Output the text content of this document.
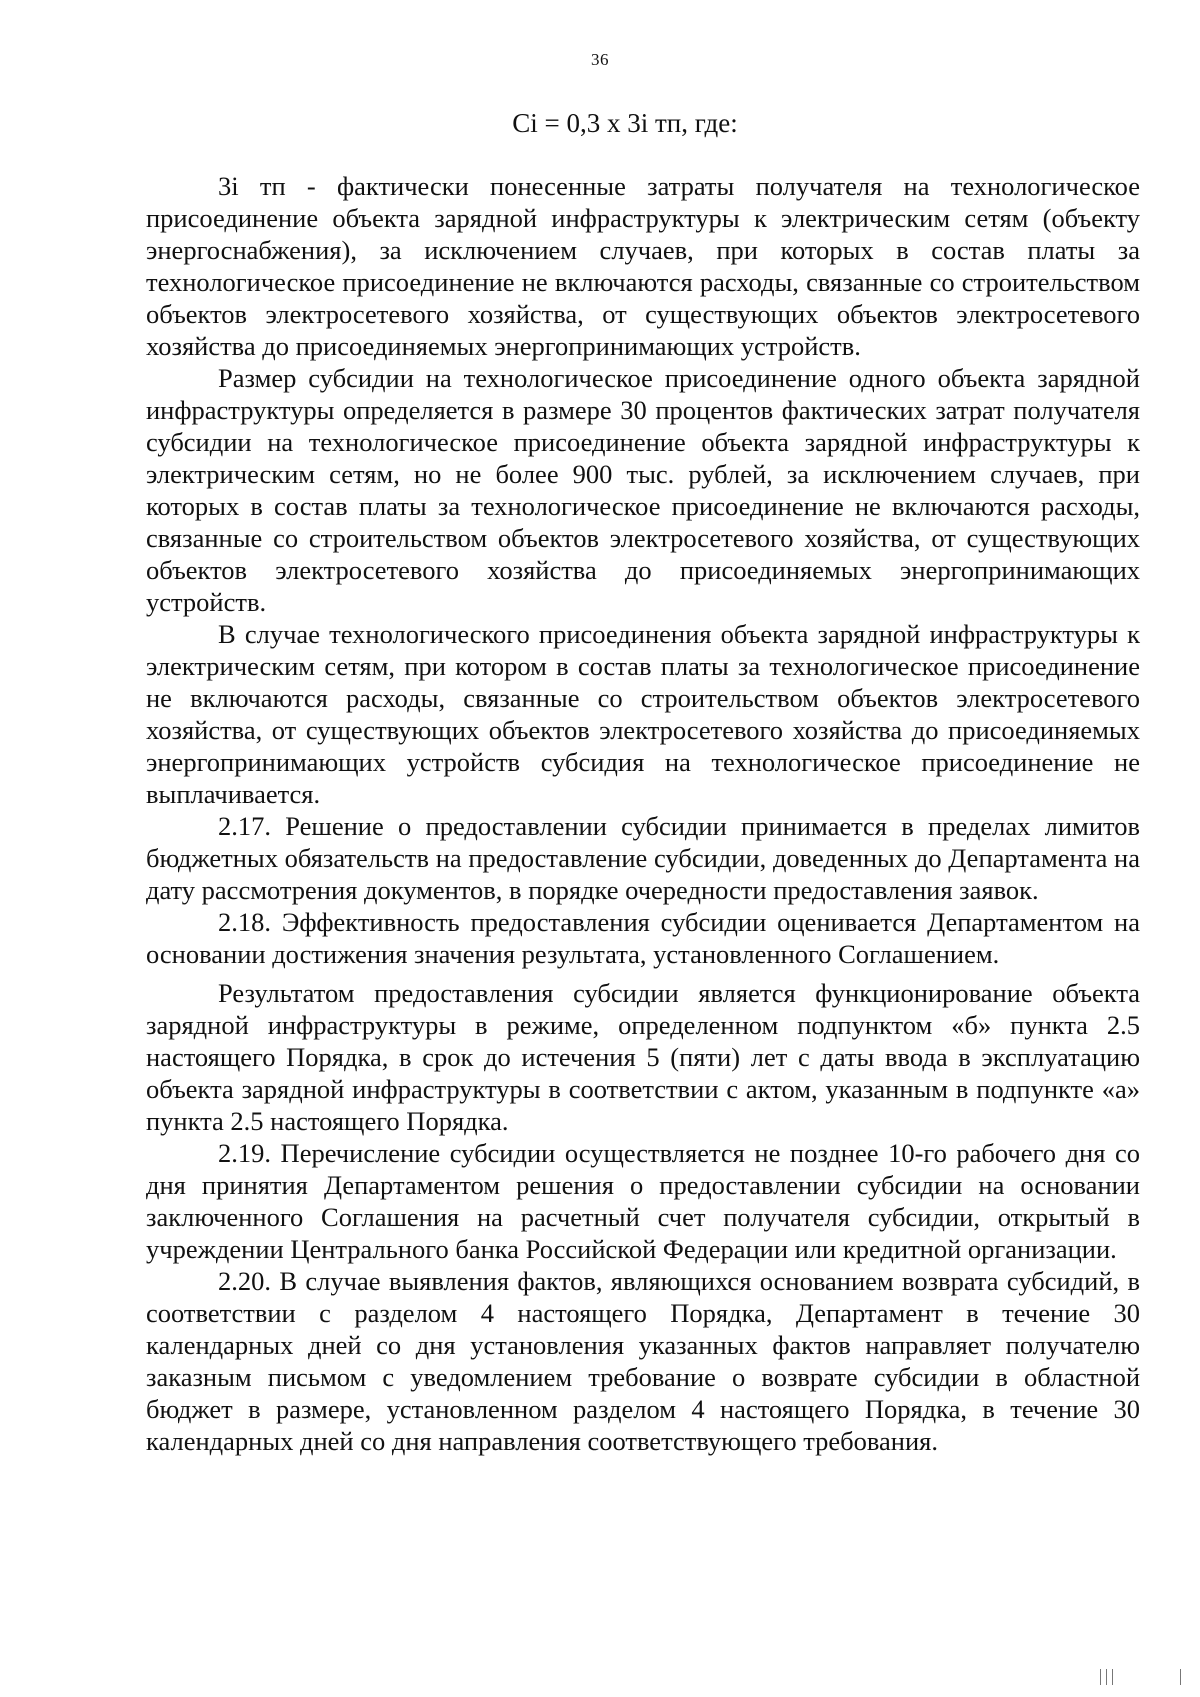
36
Ci = 0,3 x 3i тп, где:

3i тп - фактически понесенные затраты получателя на технологическое присоединение объекта зарядной инфраструктуры к электрическим сетям (объекту энергоснабжения), за исключением случаев, при которых в состав платы за технологическое присоединение не включаются расходы, связанные со строительством объектов электросетевого хозяйства, от существующих объектов электросетевого хозяйства до присоединяемых энергопринимающих устройств.

Размер субсидии на технологическое присоединение одного объекта зарядной инфраструктуры определяется в размере 30 процентов фактических затрат получателя субсидии на технологическое присоединение объекта зарядной инфраструктуры к электрическим сетям, но не более 900 тыс. рублей, за исключением случаев, при которых в состав платы за технологическое присоединение не включаются расходы, связанные со строительством объектов электросетевого хозяйства, от существующих объектов электросетевого хозяйства до присоединяемых энергопринимающих устройств.

В случае технологического присоединения объекта зарядной инфраструктуры к электрическим сетям, при котором в состав платы за технологическое присоединение не включаются расходы, связанные со строительством объектов электросетевого хозяйства, от существующих объектов электросетевого хозяйства до присоединяемых энергопринимающих устройств субсидия на технологическое присоединение не выплачивается.

2.17. Решение о предоставлении субсидии принимается в пределах лимитов бюджетных обязательств на предоставление субсидии, доведенных до Департамента на дату рассмотрения документов, в порядке очередности предоставления заявок.

2.18. Эффективность предоставления субсидии оценивается Департаментом на основании достижения значения результата, установленного Соглашением.

Результатом предоставления субсидии является функционирование объекта зарядной инфраструктуры в режиме, определенном подпунктом «б» пункта 2.5 настоящего Порядка, в срок до истечения 5 (пяти) лет с даты ввода в эксплуатацию объекта зарядной инфраструктуры в соответствии с актом, указанным в подпункте «а» пункта 2.5 настоящего Порядка.

2.19. Перечисление субсидии осуществляется не позднее 10-го рабочего дня со дня принятия Департаментом решения о предоставлении субсидии на основании заключенного Соглашения на расчетный счет получателя субсидии, открытый в учреждении Центрального банка Российской Федерации или кредитной организации.

2.20. В случае выявления фактов, являющихся основанием возврата субсидий, в соответствии с разделом 4 настоящего Порядка, Департамент в течение 30 календарных дней со дня установления указанных фактов направляет получателю заказным письмом с уведомлением требование о возврате субсидии в областной бюджет в размере, установленном разделом 4 настоящего Порядка, в течение 30 календарных дней со дня направления соответствующего требования.
